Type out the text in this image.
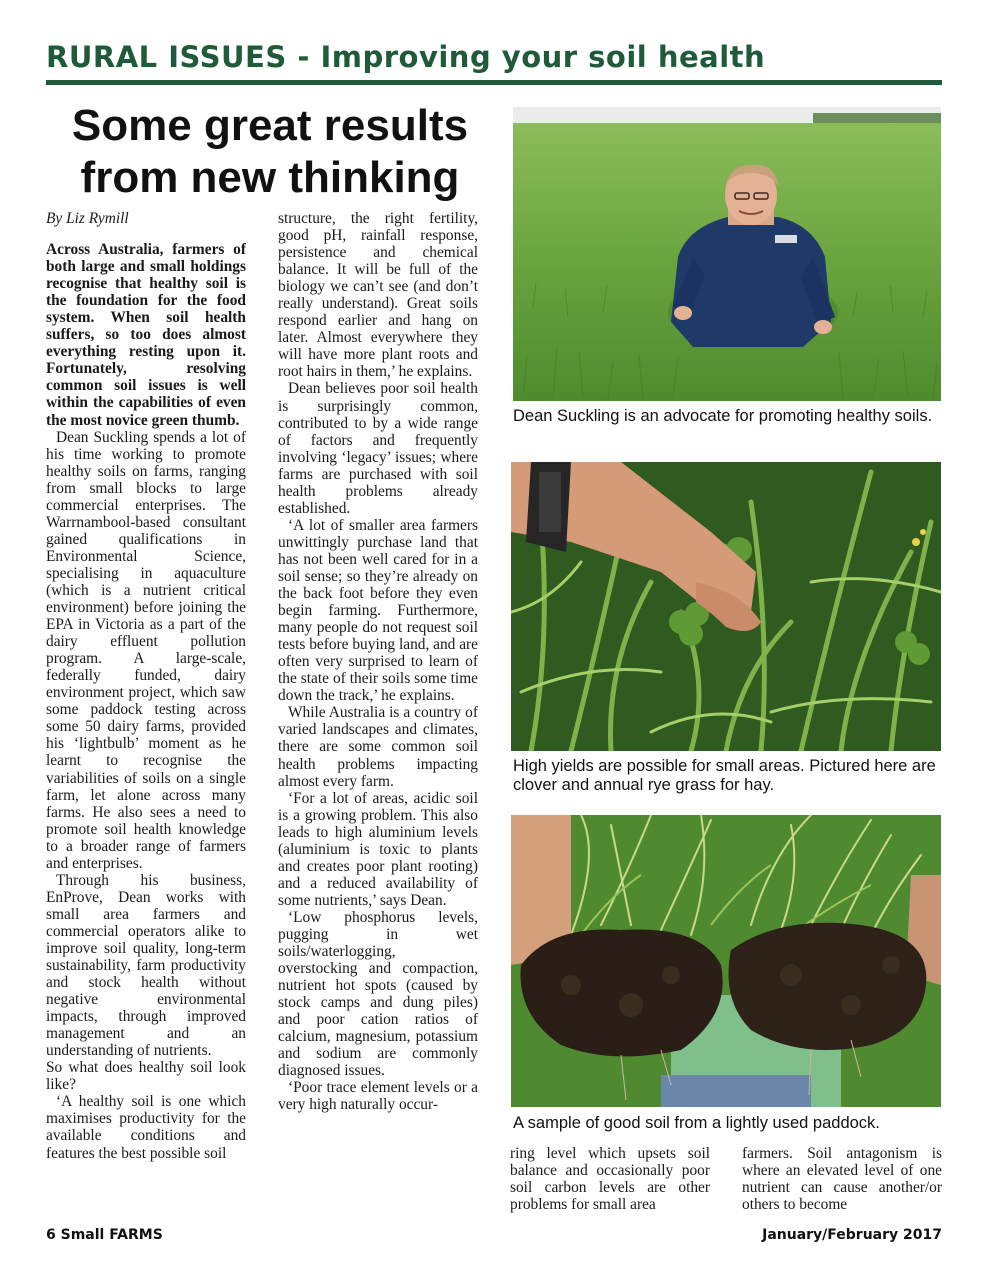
RURAL ISSUES - Improving your soil health
Some great results
from new thinking

By Liz Rymill

Across Australia, farmers of both large and small holdings recognise that healthy soil is the foundation for the food system. When soil health suffers, so too does almost everything resting upon it. Fortunately, resolving common soil issues is well within the capabilities of even the most novice green thumb.

Dean Suckling spends a lot of his time working to promote healthy soils on farms, ranging from small blocks to large commercial enterprises. The Warrnambool-based consultant gained qualifications in Environmental Science, specialising in aquaculture (which is a nutrient critical environment) before joining the EPA in Victoria as a part of the dairy effluent pollution program. A large-scale, federally funded, dairy environment project, which saw some paddock testing across some 50 dairy farms, provided his ‘lightbulb’ moment as he learnt to recognise the variabilities of soils on a single farm, let alone across many farms. He also sees a need to promote soil health knowledge to a broader range of farmers and enterprises.

Through his business, EnProve, Dean works with small area farmers and commercial operators alike to improve soil quality, long-term sustainability, farm productivity and stock health without negative environmental impacts, through improved management and an understanding of nutrients.

So what does healthy soil look like?

‘A healthy soil is one which maximises productivity for the available conditions and features the best possible soil

structure, the right fertility, good pH, rainfall response, persistence and chemical balance. It will be full of the biology we can’t see (and don’t really understand). Great soils respond earlier and hang on later. Almost everywhere they will have more plant roots and root hairs in them,’ he explains.

Dean believes poor soil health is surprisingly common, contributed to by a wide range of factors and frequently involving ‘legacy’ issues; where farms are purchased with soil health problems already established.

‘A lot of smaller area farmers unwittingly purchase land that has not been well cared for in a soil sense; so they’re already on the back foot before they even begin farming. Furthermore, many people do not request soil tests before buying land, and are often very surprised to learn of the state of their soils some time down the track,’ he explains.

While Australia is a country of varied landscapes and climates, there are some common soil health problems impacting almost every farm.

‘For a lot of areas, acidic soil is a growing problem. This also leads to high aluminium levels (aluminium is toxic to plants and creates poor plant rooting) and a reduced availability of some nutrients,’ says Dean.

‘Low phosphorus levels, pugging in wet soils/waterlogging, overstocking and compaction, nutrient hot spots (caused by stock camps and dung piles) and poor cation ratios of calcium, magnesium, potassium and sodium are commonly diagnosed issues.

‘Poor trace element levels or a very high naturally occur-

Dean Suckling is an advocate for promoting healthy soils.

High yields are possible for small areas. Pictured here are clover and annual rye grass for hay.

A sample of good soil from a lightly used paddock.

ring level which upsets soil balance and occasionally poor soil carbon levels are other problems for small area

farmers. Soil antagonism is where an elevated level of one nutrient can cause another/or others to become

6 Small FARMS	January/February 2017
